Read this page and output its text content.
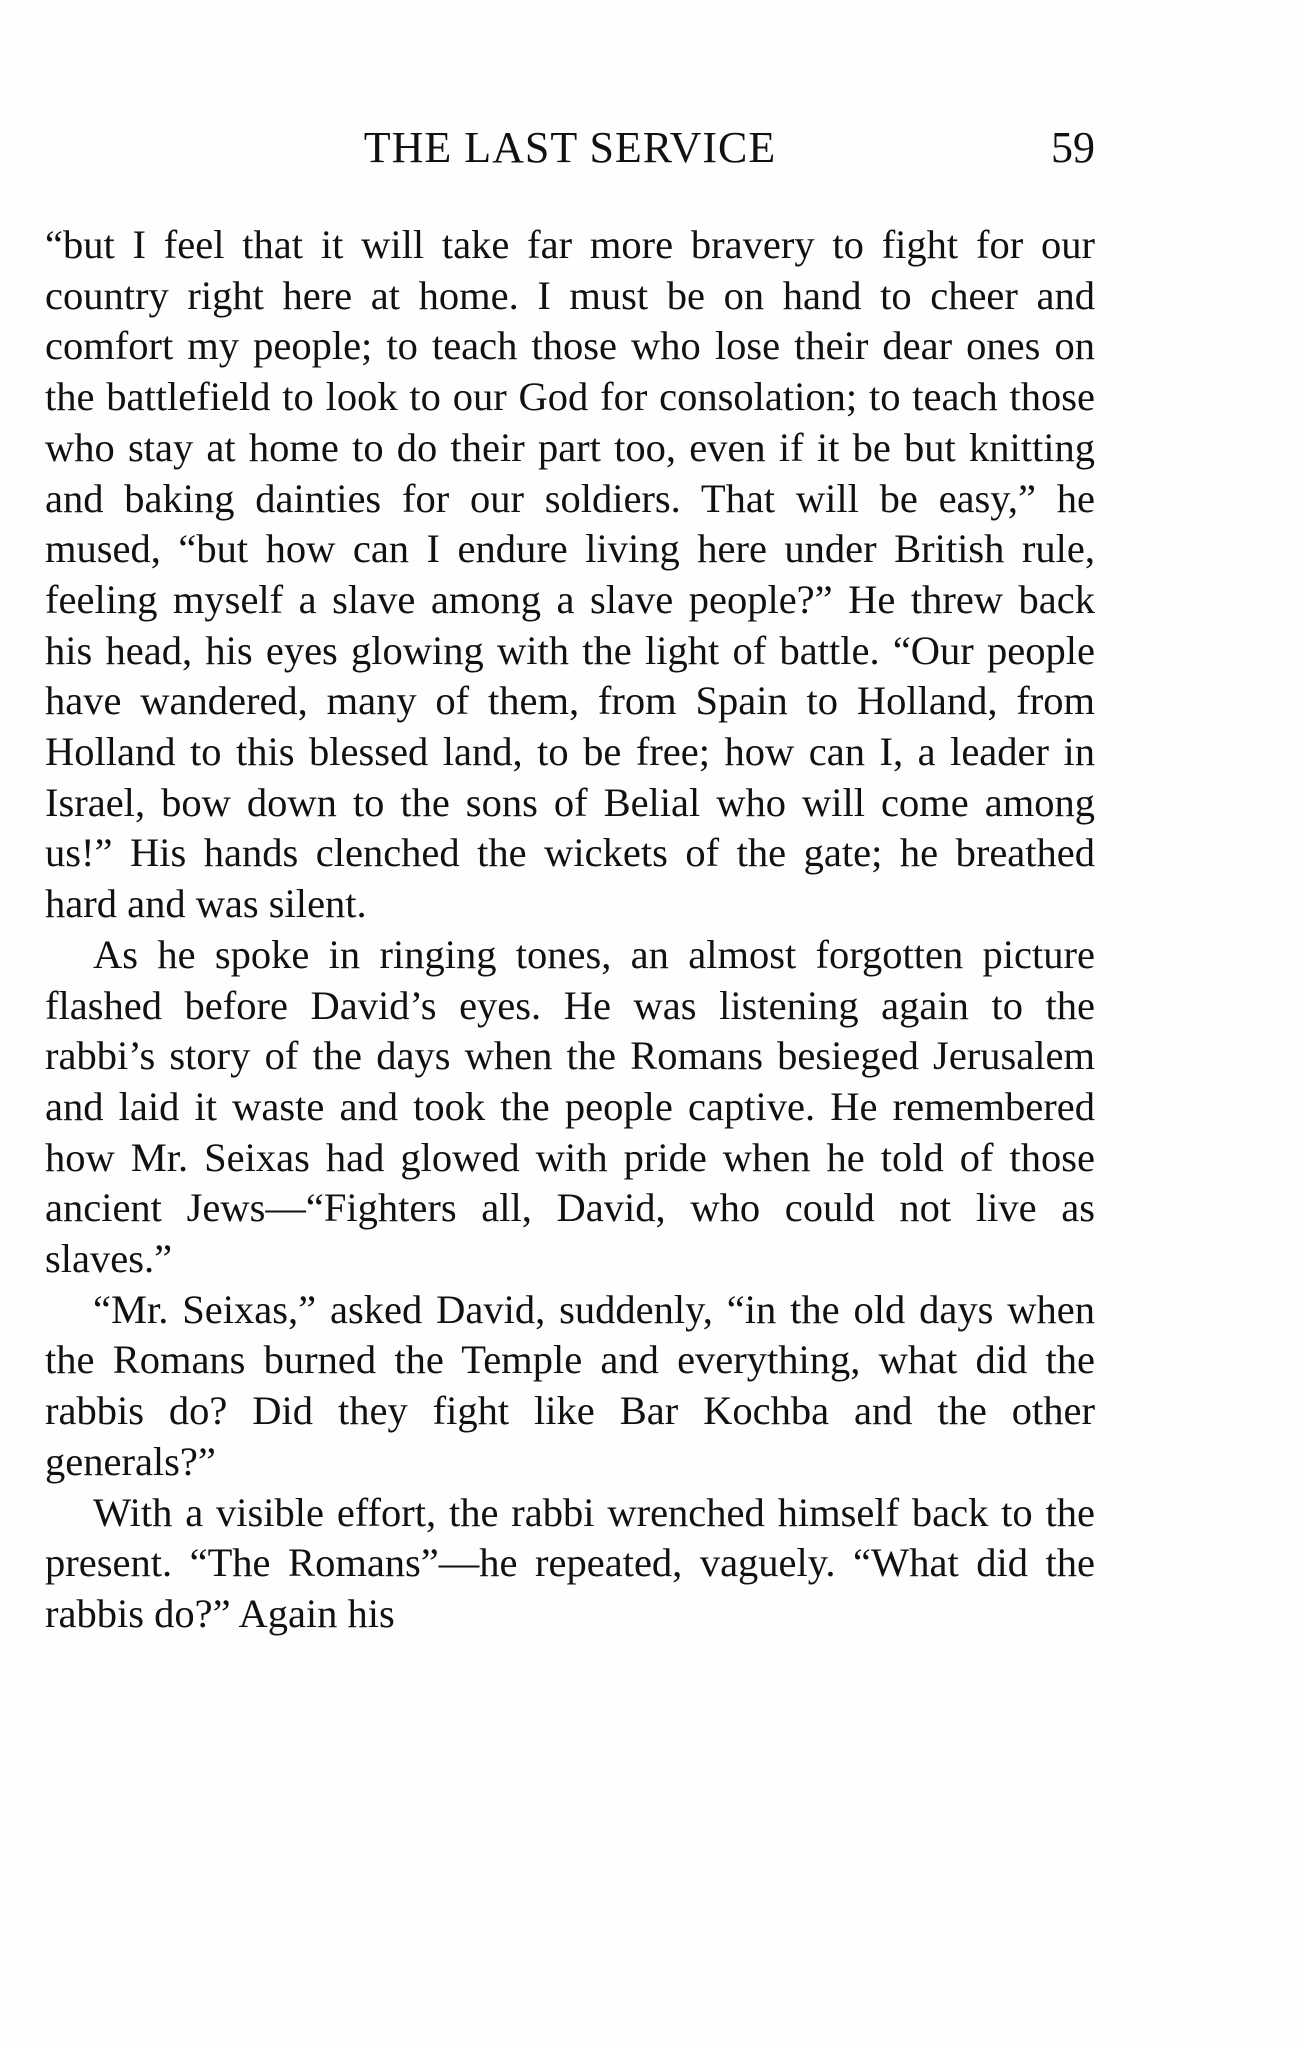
THE LAST SERVICE	59

“but I feel that it will take far more bravery to fight for our country right here at home. I must be on hand to cheer and comfort my people; to teach those who lose their dear ones on the battlefield to look to our God for consolation; to teach those who stay at home to do their part too, even if it be but knitting and baking dainties for our soldiers. That will be easy,” he mused, “but how can I endure living here under British rule, feeling myself a slave among a slave people?” He threw back his head, his eyes glowing with the light of battle. “Our people have wandered, many of them, from Spain to Holland, from Holland to this blessed land, to be free; how can I, a leader in Israel, bow down to the sons of Belial who will come among us!” His hands clenched the wickets of the gate; he breathed hard and was silent.

As he spoke in ringing tones, an almost forgotten picture flashed before David’s eyes. He was listening again to the rabbi’s story of the days when the Romans besieged Jerusalem and laid it waste and took the people captive. He remembered how Mr. Seixas had glowed with pride when he told of those ancient Jews—“Fighters all, David, who could not live as slaves.”

“Mr. Seixas,” asked David, suddenly, “in the old days when the Romans burned the Temple and everything, what did the rabbis do? Did they fight like Bar Kochba and the other generals?”

With a visible effort, the rabbi wrenched himself back to the present. “The Romans”—he repeated, vaguely. “What did the rabbis do?” Again his
